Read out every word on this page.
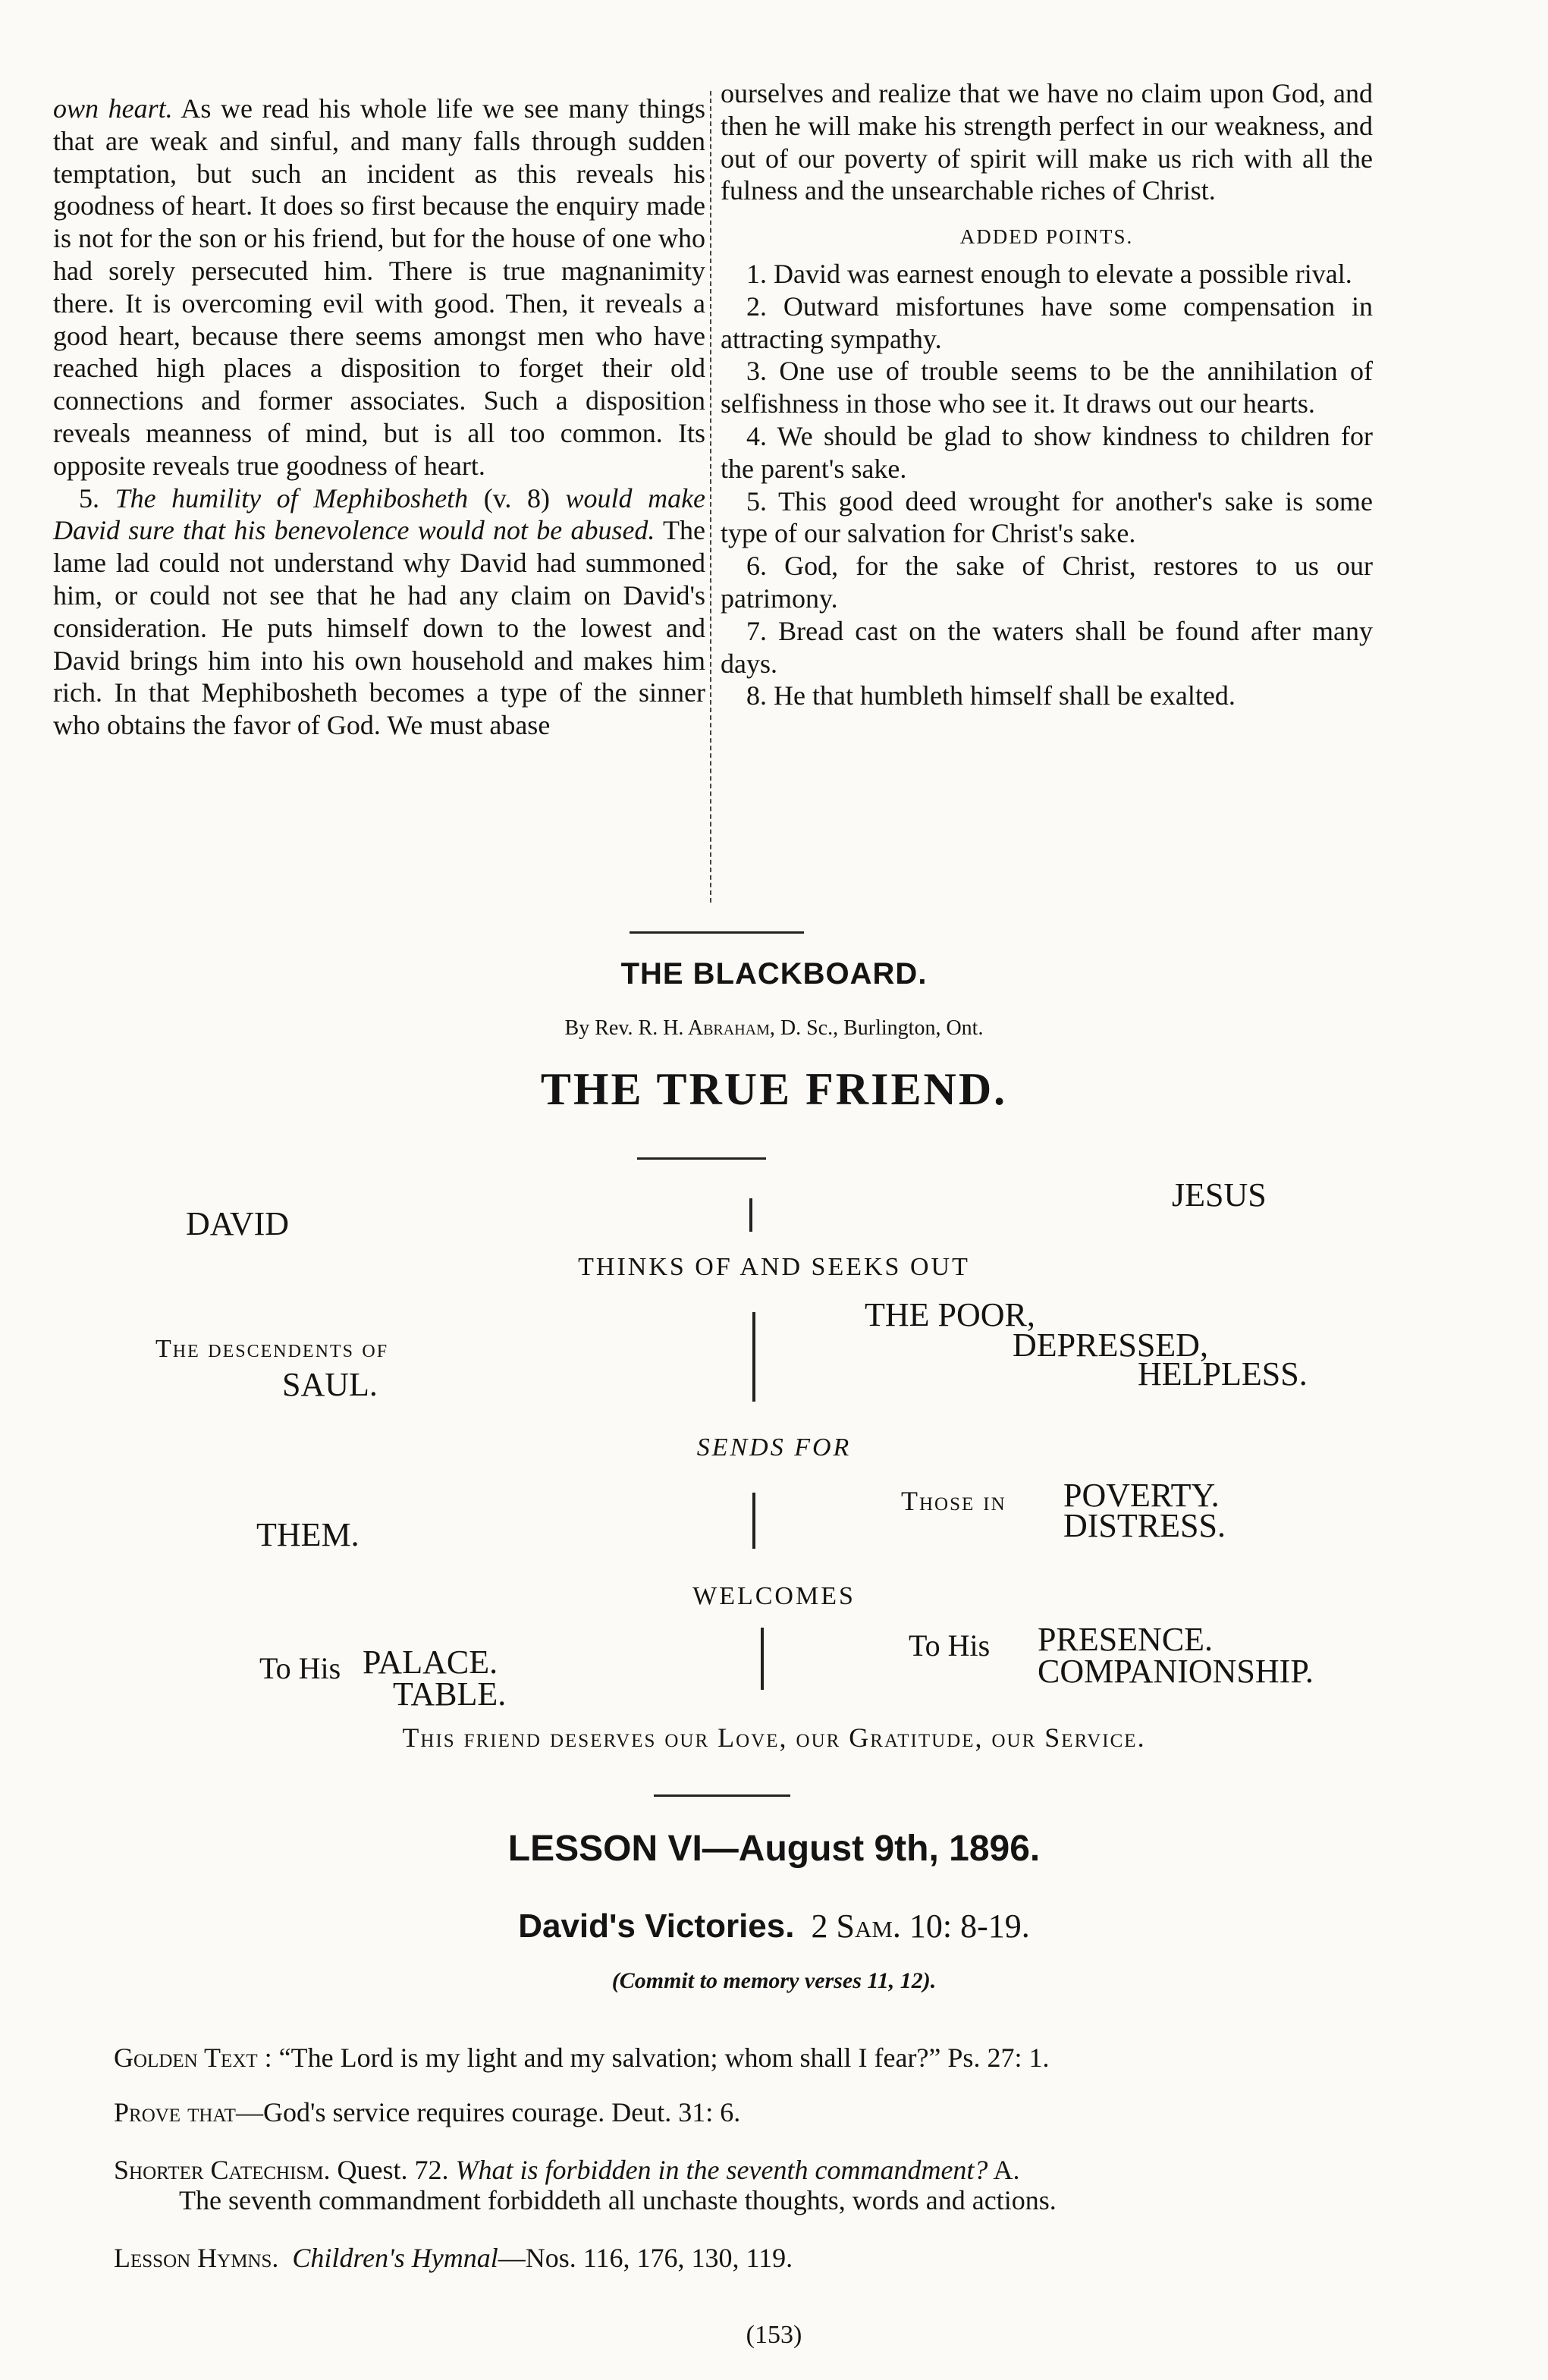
own heart. As we read his whole life we see many things that are weak and sinful, and many falls through sudden temptation, but such an incident as this reveals his goodness of heart. It does so first because the enquiry made is not for the son or his friend, but for the house of one who had sorely persecuted him. There is true magnanimity there. It is overcoming evil with good. Then, it reveals a good heart, because there seems amongst men who have reached high places a disposition to forget their old connections and former associates. Such a disposition reveals meanness of mind, but is all too common. Its opposite reveals true goodness of heart.

5. The humility of Mephibosheth (v. 8) would make David sure that his benevolence would not be abused. The lame lad could not understand why David had summoned him, or could not see that he had any claim on David's consideration. He puts himself down to the lowest and David brings him into his own household and makes him rich. In that Mephibosheth becomes a type of the sinner who obtains the favor of God. We must abase

ourselves and realize that we have no claim upon God, and then he will make his strength perfect in our weakness, and out of our poverty of spirit will make us rich with all the fulness and the unsearchable riches of Christ.

ADDED POINTS.

1. David was earnest enough to elevate a possible rival.

2. Outward misfortunes have some compensation in attracting sympathy.

3. One use of trouble seems to be the annihilation of selfishness in those who see it. It draws out our hearts.

4. We should be glad to show kindness to children for the parent's sake.

5. This good deed wrought for another's sake is some type of our salvation for Christ's sake.

6. God, for the sake of Christ, restores to us our patrimony.

7. Bread cast on the waters shall be found after many days.

8. He that humbleth himself shall be exalted.

THE BLACKBOARD.
By Rev. R. H. Abraham, D. Sc., Burlington, Ont.
THE TRUE FRIEND.
DAVID
JESUS
THINKS OF AND SEEKS OUT
The descendents of
SAUL.
THE POOR,
DEPRESSED,
HELPLESS.
SENDS FOR
THEM.
Those in POVERTY.
DISTRESS.
WELCOMES
To His PALACE.
TABLE.
To His PRESENCE.
COMPANIONSHIP.
This friend deserves our Love, our Gratitude, our Service.
LESSON VI—August 9th, 1896.
David's Victories. 2 Sam. 10: 8-19.
(Commit to memory verses 11, 12).
Golden Text : “The Lord is my light and my salvation; whom shall I fear?” Ps. 27: 1.
Prove that—God's service requires courage. Deut. 31: 6.
Shorter Catechism. Quest. 72. What is forbidden in the seventh commandment? A.
The seventh commandment forbiddeth all unchaste thoughts, words and actions.
Lesson Hymns. Children's Hymnal—Nos. 116, 176, 130, 119.
(153)
